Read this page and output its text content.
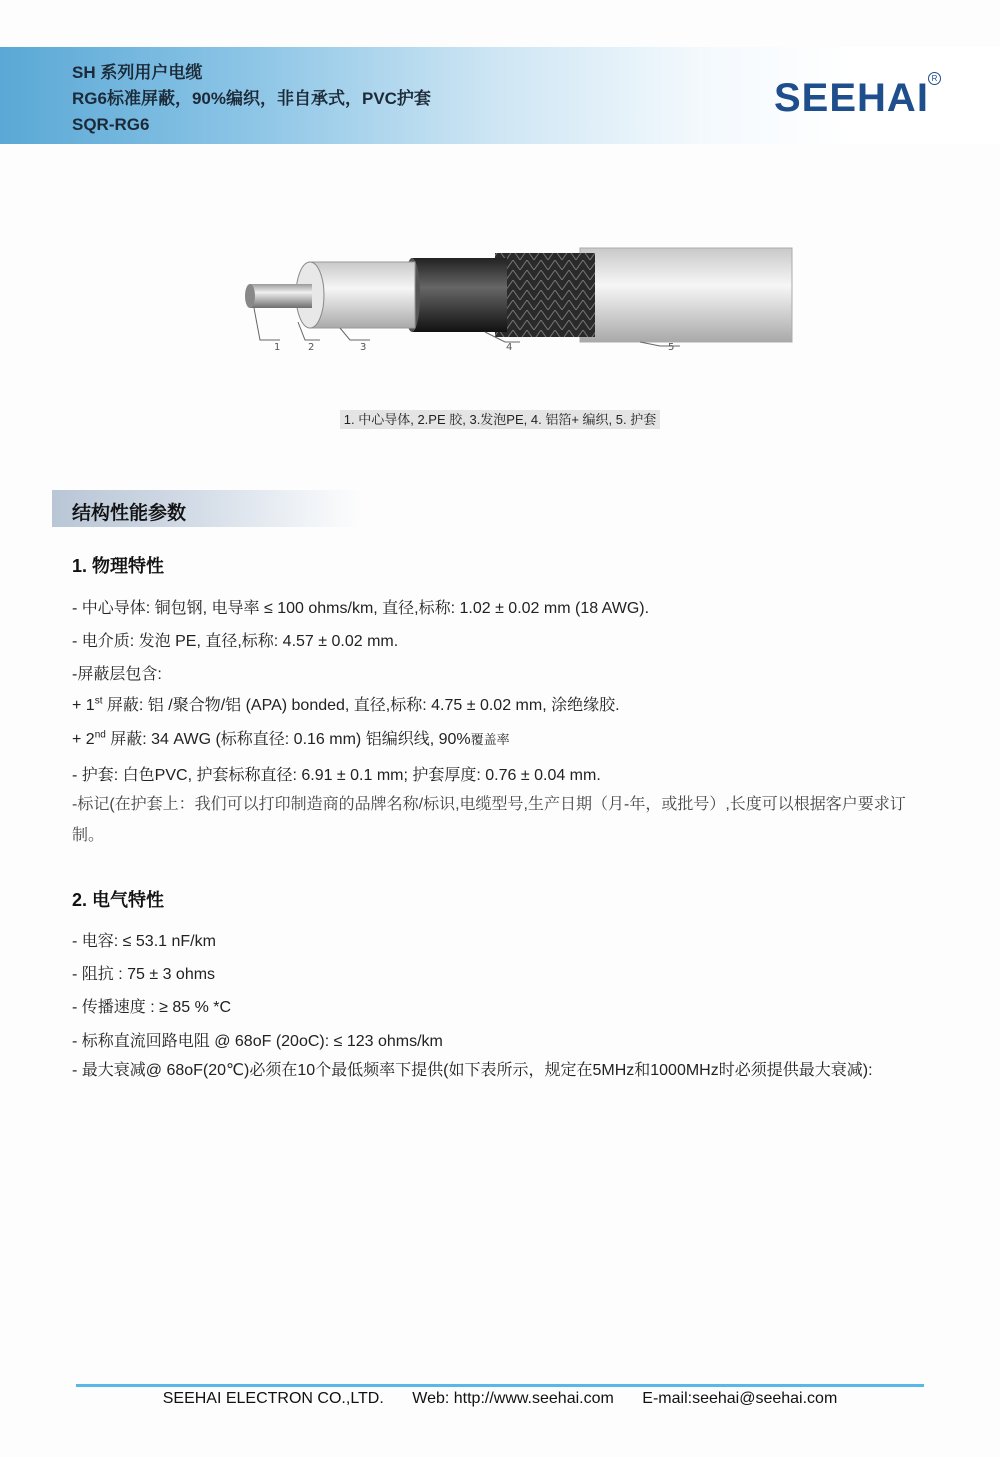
SH 系列用户电缆
RG6标准屏蔽，90%编织，非自承式，PVC护套
SQR-RG6
SEEHAI R
1	2	3	4	5
1. 中心导体, 2.PE 胶, 3.发泡PE, 4. 铝箔+ 编织, 5. 护套
结构性能参数
1. 物理特性
- 中心导体: 铜包钢, 电导率 ≤ 100 ohms/km, 直径,标称: 1.02 ± 0.02 mm (18 AWG).
- 电介质: 发泡 PE, 直径,标称: 4.57 ± 0.02 mm.
-屏蔽层包含:
+ 1st 屏蔽: 铝 /聚合物/铝 (APA) bonded, 直径,标称: 4.75 ± 0.02 mm, 涂绝缘胶.
+ 2nd 屏蔽: 34 AWG (标称直径: 0.16 mm) 铝编织线, 90%覆盖率
- 护套: 白色PVC, 护套标称直径: 6.91 ± 0.1 mm; 护套厚度: 0.76 ± 0.04 mm.
-标记(在护套上：我们可以打印制造商的品牌名称/标识,电缆型号,生产日期（月-年，或批号）,长度可以根据客户要求订制。
2. 电气特性
- 电容: ≤ 53.1 nF/km
- 阻抗 : 75 ± 3 ohms
- 传播速度 : ≥ 85 % *C
- 标称直流回路电阻 @ 68oF (20oC): ≤ 123 ohms/km
- 最大衰减@ 68oF(20℃)必须在10个最低频率下提供(如下表所示，规定在5MHz和1000MHz时必须提供最大衰减):
SEEHAI ELECTRON CO.,LTD. Web: http://www.seehai.com E-mail:seehai@seehai.com
